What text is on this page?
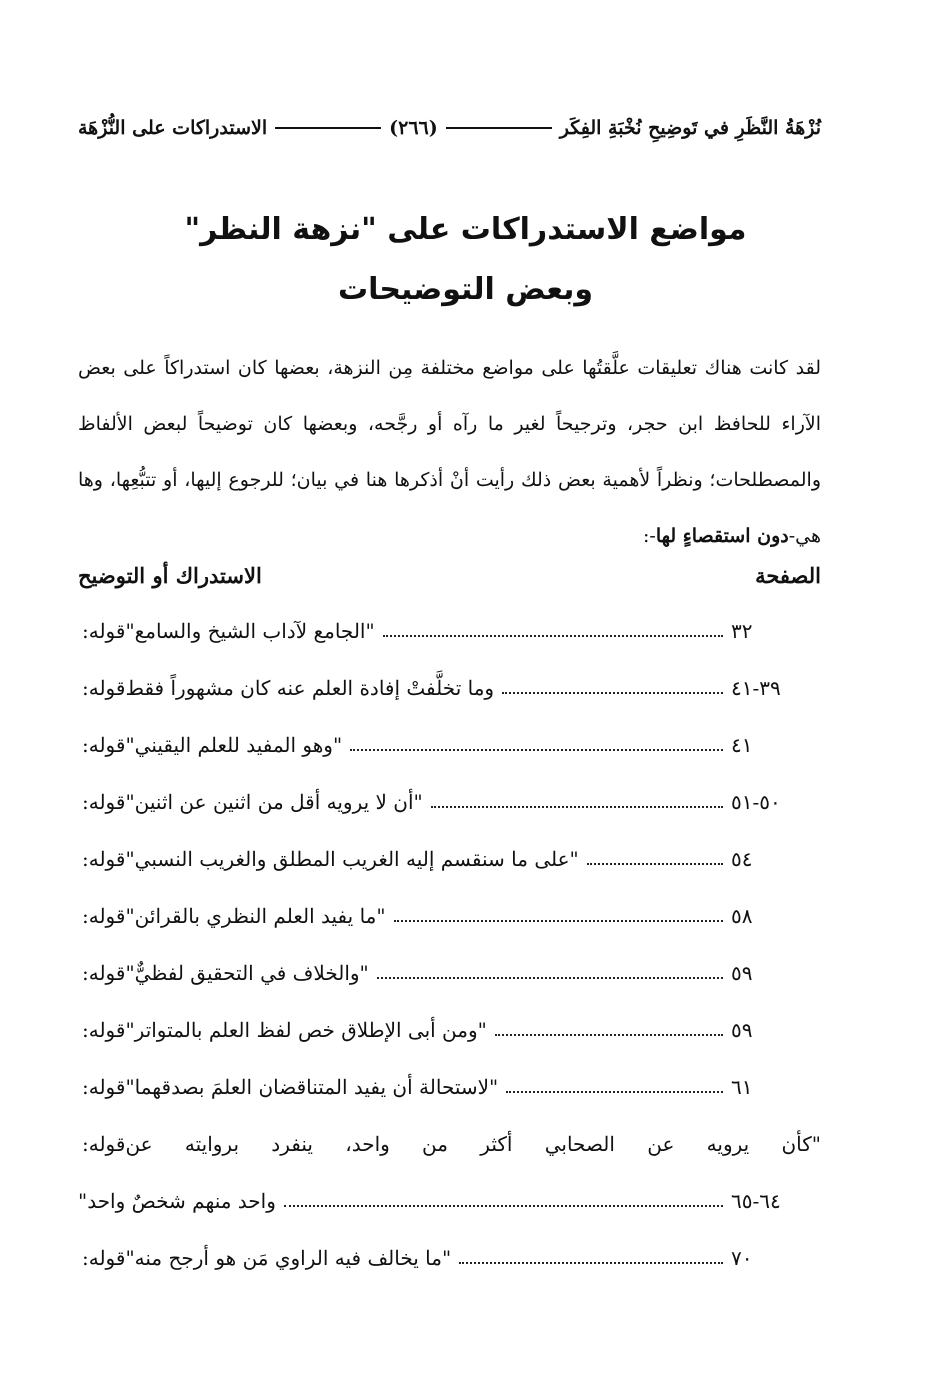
الاستدراكات على النُّزْهَة	(٢٦٦)	نُزْهَةُ النَّظَرِ في تَوضِيحِ نُخْبَةِ الفِكَر
مواضع الاستدراكات على "نزهة النظر"
وبعض التوضيحات
لقد كانت هناك تعليقات علَّقتُها على مواضع مختلفة مِن النزهة، بعضها كان استدراكاً على بعض الآراء للحافظ ابن حجر، وترجيحاً لغير ما رآه أو رجَّحه، وبعضها كان توضيحاً لبعض الألفاظ والمصطلحات؛ ونظراً لأهمية بعض ذلك رأيت أنْ أذكرها هنا في بيان؛ للرجوع إليها، أو تتبُّعِها، وها هي-دون استقصاءٍ لها-:
الاستدراك أو التوضيح	الصفحة
قوله: "الجامع لآداب الشيخ والسامع"	٣٢
قوله: وما تخلَّفتْ إفادة العلم عنه كان مشهوراً فقط	٣٩-٤١
قوله: "وهو المفيد للعلم اليقيني"	٤١
قوله: "أن لا يرويه أقل من اثنين عن اثنين"	٥٠-٥١
قوله: "على ما سنقسم إليه الغريب المطلق والغريب النسبي"	٥٤
قوله: "ما يفيد العلم النظري بالقرائن"	٥٨
قوله: "والخلاف في التحقيق لفظيٌّ"	٥٩
قوله: "ومن أبى الإطلاق خص لفظ العلم بالمتواتر"	٥٩
قوله: "لاستحالة أن يفيد المتناقضان العلمَ بصدقهما"	٦١
قوله: "كأن يرويه عن الصحابي أكثر من واحد، ينفرد بروايته عن
واحد منهم شخصٌ واحد"	٦٤-٦٥
قوله: "ما يخالف فيه الراوي مَن هو أرجح منه"	٧٠
